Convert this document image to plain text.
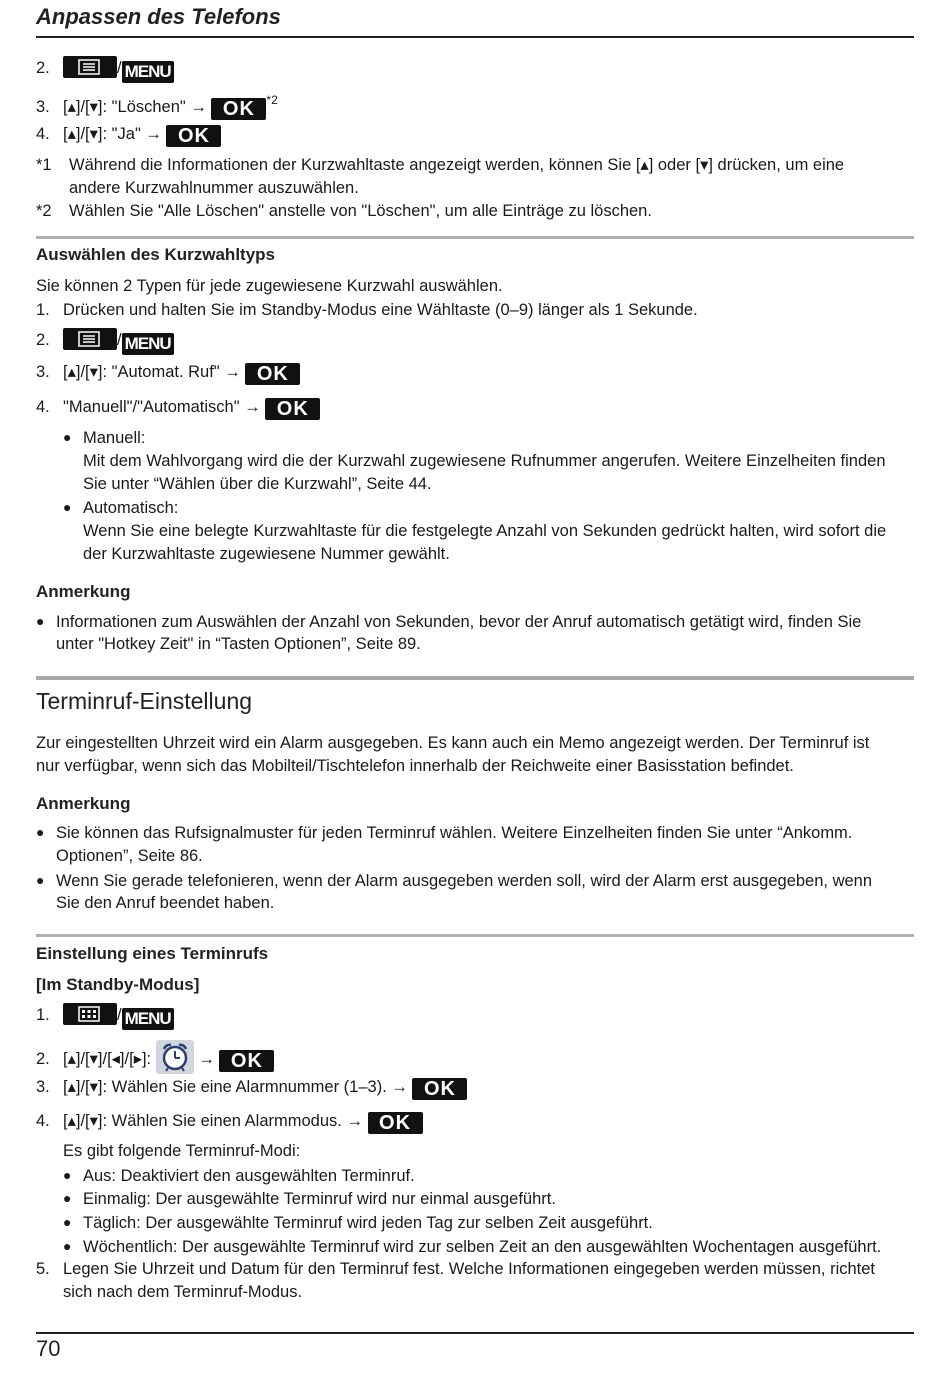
Anpassen des Telefons
2.	/ MENU
3. [▴]/[▾]: "Löschen" → OK $^{*2}$
4. [▴]/[▾]: "Ja" → OK
*1 Während die Informationen der Kurzwahltaste angezeigt werden, können Sie [▴] oder [▾] drücken, um eine
andere Kurzwahlnummer auszuwählen.
*2 Wählen Sie "Alle Löschen" anstelle von "Löschen", um alle Einträge zu löschen.
Auswählen des Kurzwahltyps
Sie können 2 Typen für jede zugewiesene Kurzwahl auswählen.
1. Drücken und halten Sie im Standby-Modus eine Wähltaste (0–9) länger als 1 Sekunde.
2.	/ MENU
3. [▴]/[▾]: "Automat. Ruf" → OK
4. "Manuell"/"Automatisch" → OK
● Manuell:
Mit dem Wahlvorgang wird die der Kurzwahl zugewiesene Rufnummer angerufen. Weitere Einzelheiten finden
Sie unter “Wählen über die Kurzwahl”, Seite 44.
● Automatisch:
Wenn Sie eine belegte Kurzwahltaste für die festgelegte Anzahl von Sekunden gedrückt halten, wird sofort die
der Kurzwahltaste zugewiesene Nummer gewählt.
Anmerkung
● Informationen zum Auswählen der Anzahl von Sekunden, bevor der Anruf automatisch getätigt wird, finden Sie
unter "Hotkey Zeit" in “Tasten Optionen”, Seite 89.
Terminruf-Einstellung
Zur eingestellten Uhrzeit wird ein Alarm ausgegeben. Es kann auch ein Memo angezeigt werden. Der Terminruf ist
nur verfügbar, wenn sich das Mobilteil/Tischtelefon innerhalb der Reichweite einer Basisstation befindet.
Anmerkung
● Sie können das Rufsignalmuster für jeden Terminruf wählen. Weitere Einzelheiten finden Sie unter “Ankomm.
Optionen”, Seite 86.
● Wenn Sie gerade telefonieren, wenn der Alarm ausgegeben werden soll, wird der Alarm erst ausgegeben, wenn
Sie den Anruf beendet haben.
Einstellung eines Terminrufs
[Im Standby-Modus]
1.	/ MENU
2. [▴]/[▾]/[◂]/[▸]:  → OK
3. [▴]/[▾]: Wählen Sie eine Alarmnummer (1–3). → OK
4. [▴]/[▾]: Wählen Sie einen Alarmmodus. → OK
Es gibt folgende Terminruf-Modi:
● Aus: Deaktiviert den ausgewählten Terminruf.
● Einmalig: Der ausgewählte Terminruf wird nur einmal ausgeführt.
● Täglich: Der ausgewählte Terminruf wird jeden Tag zur selben Zeit ausgeführt.
● Wöchentlich: Der ausgewählte Terminruf wird zur selben Zeit an den ausgewählten Wochentagen ausgeführt.
5. Legen Sie Uhrzeit und Datum für den Terminruf fest. Welche Informationen eingegeben werden müssen, richtet
sich nach dem Terminruf-Modus.
70
